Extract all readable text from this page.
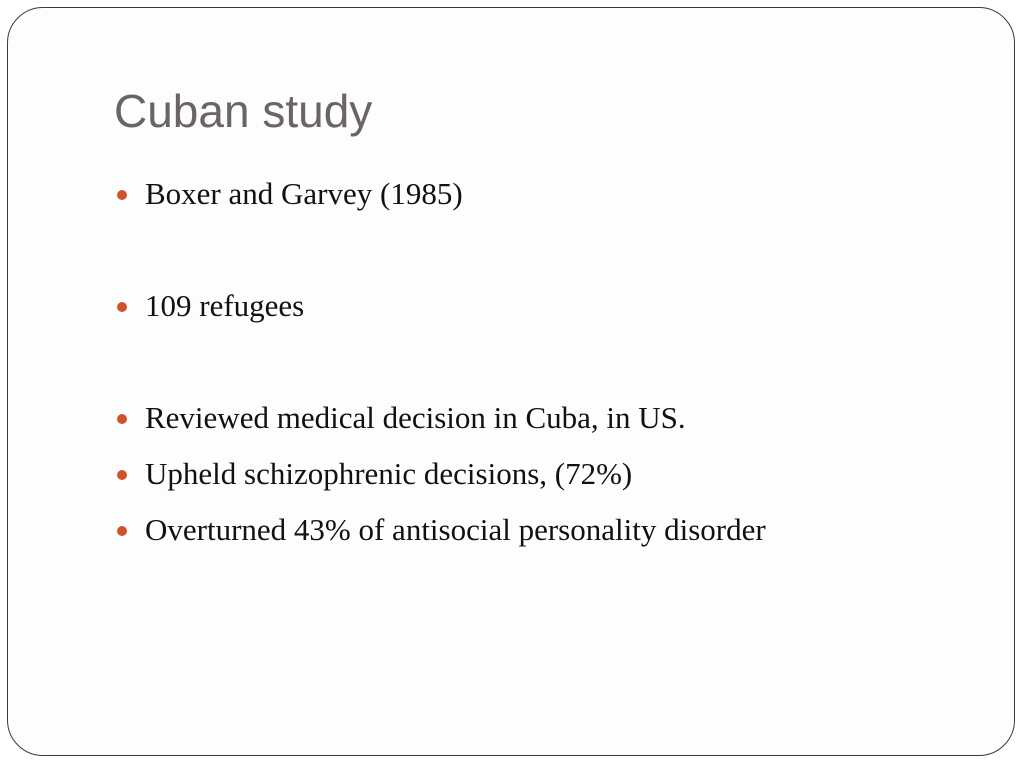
Cuban study
Boxer and Garvey (1985)
109 refugees
Reviewed medical decision in Cuba, in US.
Upheld schizophrenic decisions, (72%)
Overturned 43% of antisocial personality disorder
